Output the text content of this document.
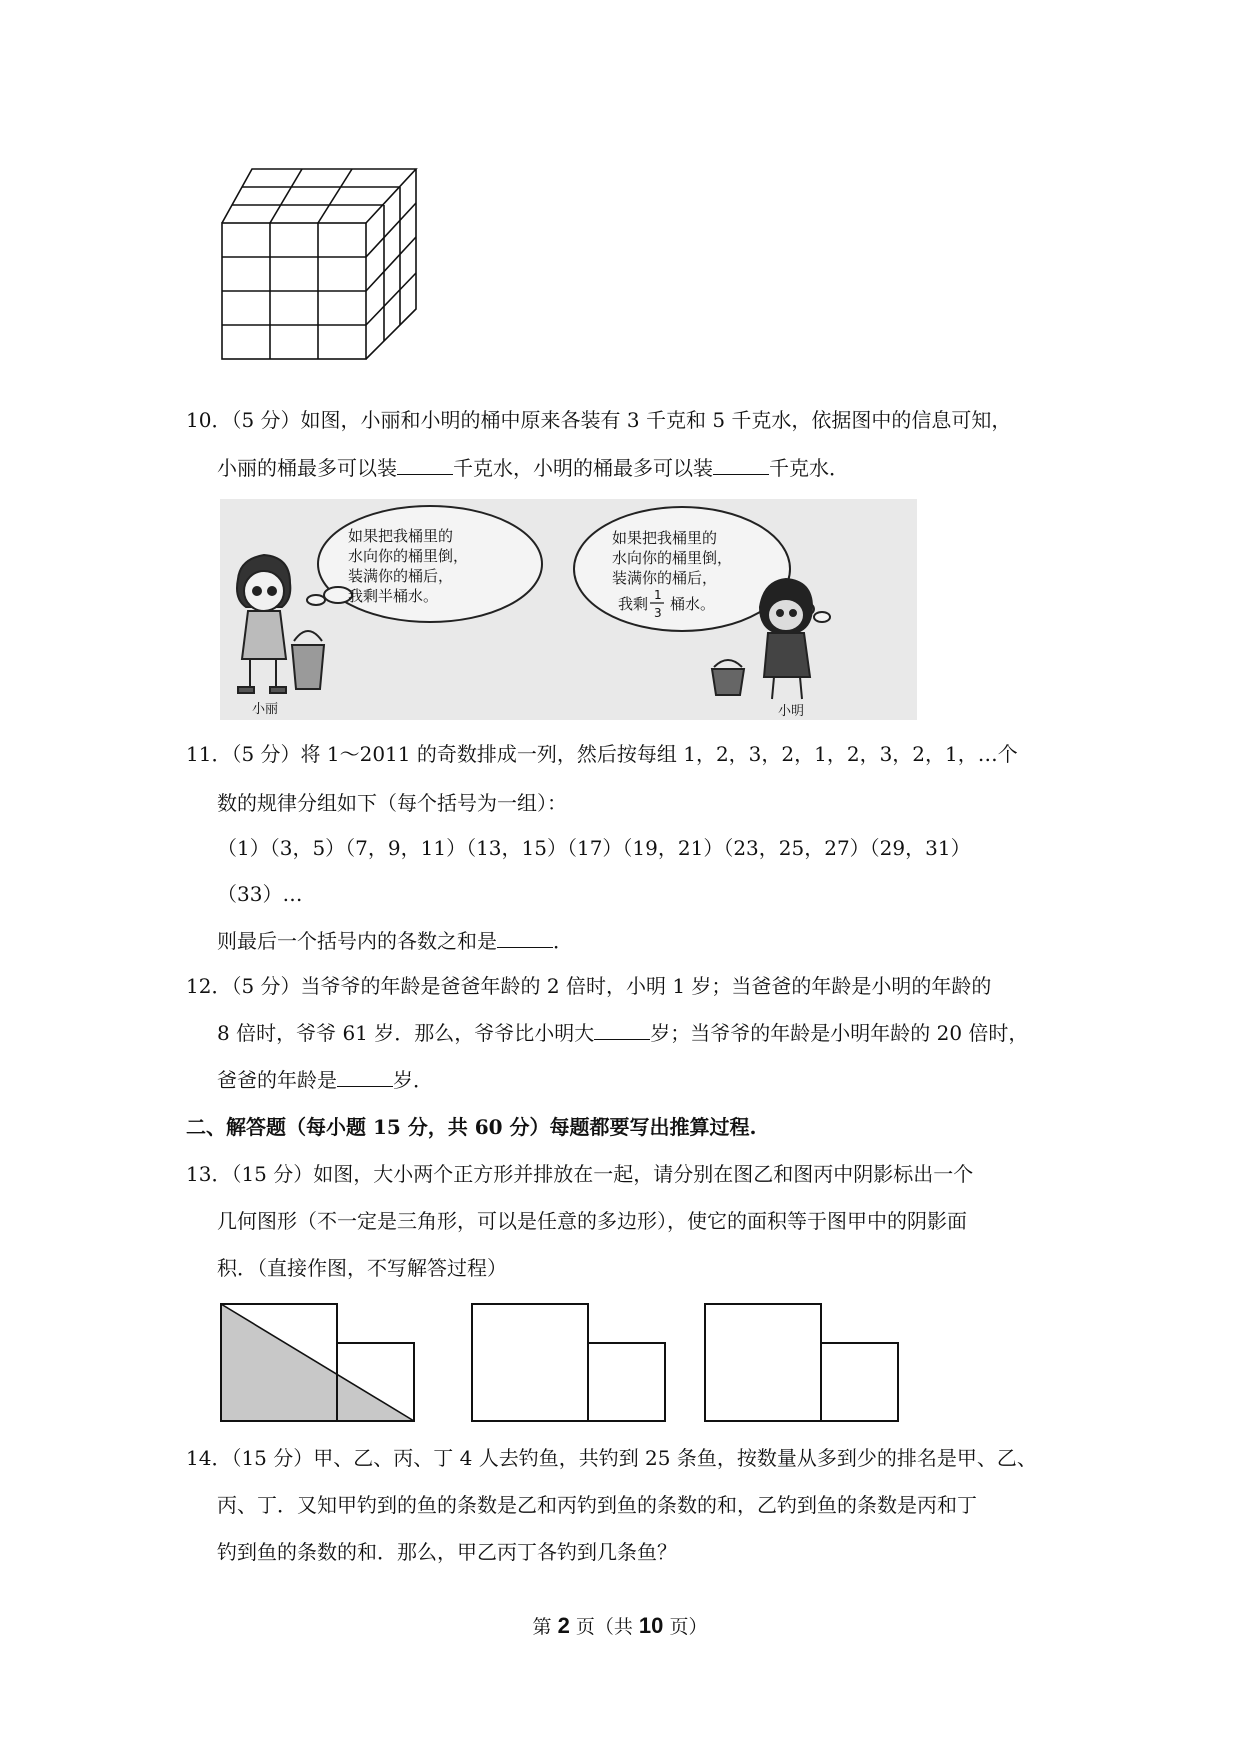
10．（5 分）如图，小丽和小明的桶中原来各装有 3 千克和 5 千克水，依据图中的信息可知，
小丽的桶最多可以装	千克水，小明的桶最多可以装	千克水．
如果把我桶里的
水向你的桶里倒，
装满你的桶后，
我剩半桶水。
如果把我桶里的
水向你的桶里倒，
装满你的桶后，
我剩 1
3 桶水。
小丽	小明
11．（5 分）将 1～2011 的奇数排成一列，然后按每组 1，2，3，2，1，2，3，2，1，…个
数的规律分组如下（每个括号为一组）：
（1）（3，5）（7，9，11）（13，15）（17）（19，21）（23，25，27）（29，31）
（33）…
则最后一个括号内的各数之和是	．
12．（5 分）当爷爷的年龄是爸爸年龄的 2 倍时，小明 1 岁；当爸爸的年龄是小明的年龄的
8 倍时，爷爷 61 岁．那么，爷爷比小明大	岁；当爷爷的年龄是小明年龄的 20 倍时，
爸爸的年龄是	岁．
二、解答题（每小题 15 分，共 60 分）每题都要写出推算过程.
13．（15 分）如图，大小两个正方形并排放在一起，请分别在图乙和图丙中阴影标出一个
几何图形（不一定是三角形，可以是任意的多边形），使它的面积等于图甲中的阴影面
积．（直接作图，不写解答过程）
14．（15 分）甲、乙、丙、丁 4 人去钓鱼，共钓到 25 条鱼，按数量从多到少的排名是甲、乙、
丙、丁．又知甲钓到的鱼的条数是乙和丙钓到鱼的条数的和，乙钓到鱼的条数是丙和丁
钓到鱼的条数的和．那么，甲乙丙丁各钓到几条鱼？
第 2 页（共 10 页）
